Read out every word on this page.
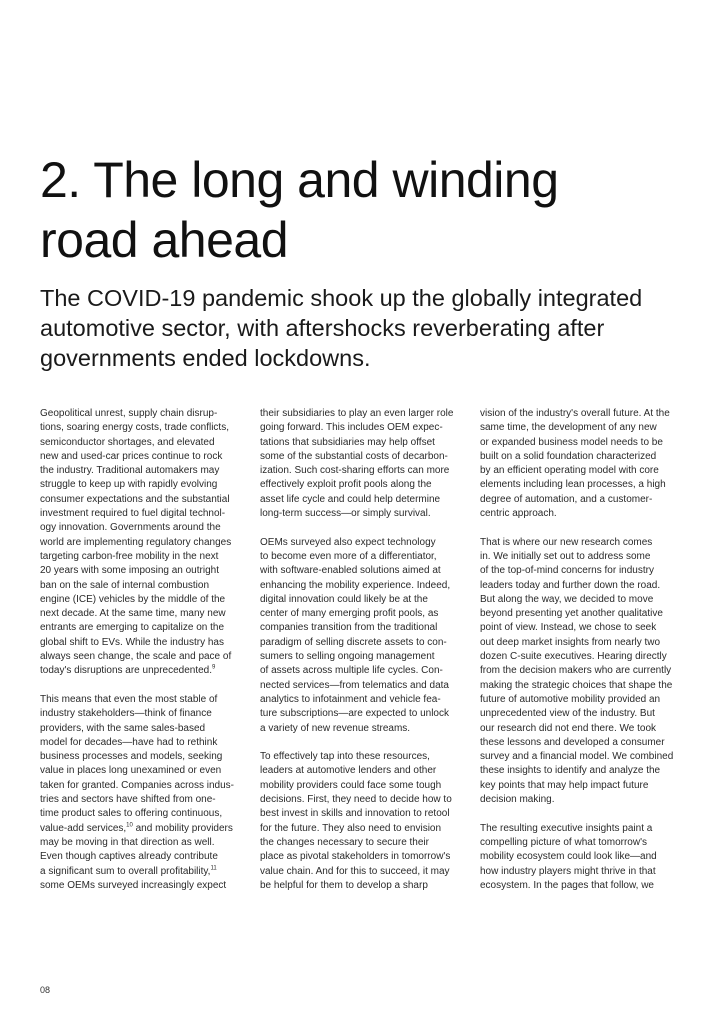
2. The long and winding
road ahead
The COVID-19 pandemic shook up the globally integrated
automotive sector, with aftershocks reverberating after
governments ended lockdowns.

Geopolitical unrest, supply chain disrup-
tions, soaring energy costs, trade conflicts,
semiconductor shortages, and elevated
new and used-car prices continue to rock
the industry. Traditional automakers may
struggle to keep up with rapidly evolving
consumer expectations and the substantial
investment required to fuel digital technol-
ogy innovation. Governments around the
world are implementing regulatory changes
targeting carbon-free mobility in the next
20 years with some imposing an outright
ban on the sale of internal combustion
engine (ICE) vehicles by the middle of the
next decade. At the same time, many new
entrants are emerging to capitalize on the
global shift to EVs. While the industry has
always seen change, the scale and pace of
today's disruptions are unprecedented.$^9$

This means that even the most stable of
industry stakeholders—think of finance
providers, with the same sales-based
model for decades—have had to rethink
business processes and models, seeking
value in places long unexamined or even
taken for granted. Companies across indus-
tries and sectors have shifted from one-
time product sales to offering continuous,
value-add services,$^{10}$ and mobility providers
may be moving in that direction as well.
Even though captives already contribute
a significant sum to overall profitability,$^{11}$
some OEMs surveyed increasingly expect

their subsidiaries to play an even larger role
going forward. This includes OEM expec-
tations that subsidiaries may help offset
some of the substantial costs of decarbon-
ization. Such cost-sharing efforts can more
effectively exploit profit pools along the
asset life cycle and could help determine
long-term success—or simply survival.

OEMs surveyed also expect technology
to become even more of a differentiator,
with software-enabled solutions aimed at
enhancing the mobility experience. Indeed,
digital innovation could likely be at the
center of many emerging profit pools, as
companies transition from the traditional
paradigm of selling discrete assets to con-
sumers to selling ongoing management
of assets across multiple life cycles. Con-
nected services—from telematics and data
analytics to infotainment and vehicle fea-
ture subscriptions—are expected to unlock
a variety of new revenue streams.

To effectively tap into these resources,
leaders at automotive lenders and other
mobility providers could face some tough
decisions. First, they need to decide how to
best invest in skills and innovation to retool
for the future. They also need to envision
the changes necessary to secure their
place as pivotal stakeholders in tomorrow's
value chain. And for this to succeed, it may
be helpful for them to develop a sharp

vision of the industry's overall future. At the
same time, the development of any new
or expanded business model needs to be
built on a solid foundation characterized
by an efficient operating model with core
elements including lean processes, a high
degree of automation, and a customer-
centric approach.

That is where our new research comes
in. We initially set out to address some
of the top-of-mind concerns for industry
leaders today and further down the road.
But along the way, we decided to move
beyond presenting yet another qualitative
point of view. Instead, we chose to seek
out deep market insights from nearly two
dozen C-suite executives. Hearing directly
from the decision makers who are currently
making the strategic choices that shape the
future of automotive mobility provided an
unprecedented view of the industry. But
our research did not end there. We took
these lessons and developed a consumer
survey and a financial model. We combined
these insights to identify and analyze the
key points that may help impact future
decision making.

The resulting executive insights paint a
compelling picture of what tomorrow's
mobility ecosystem could look like—and
how industry players might thrive in that
ecosystem. In the pages that follow, we

08
